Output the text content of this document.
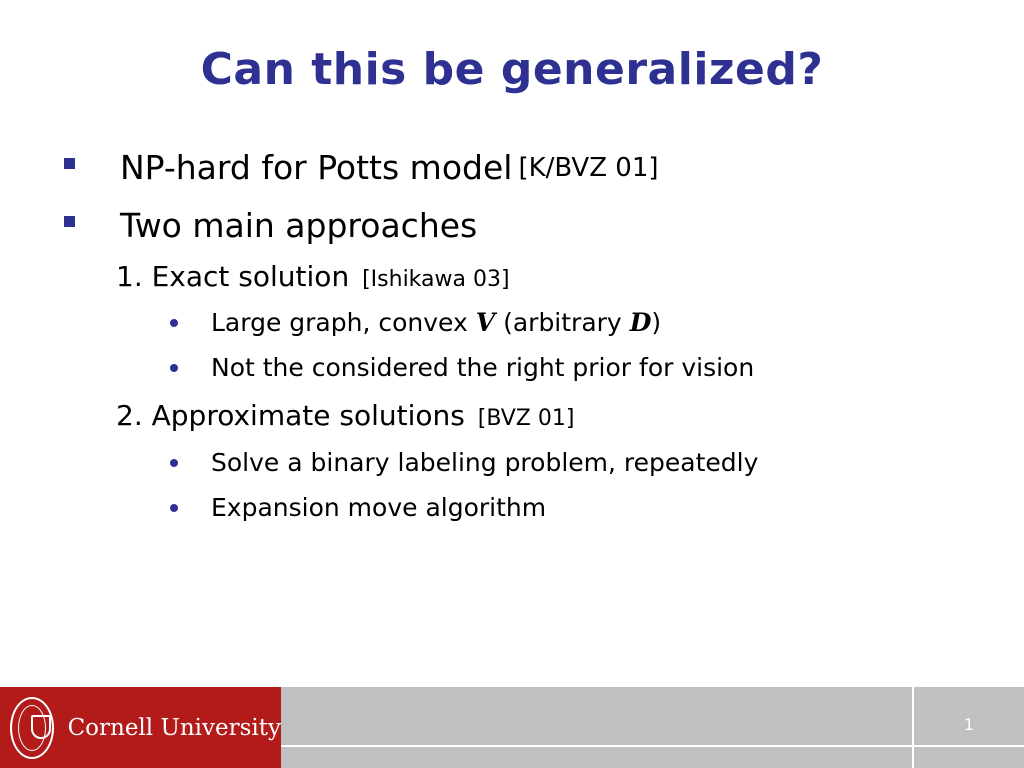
Can this be generalized?
NP-hard for Potts model [K/BVZ 01]
Two main approaches
1. Exact solution [Ishikawa 03]
Large graph, convex V (arbitrary D)
Not the considered the right prior for vision
2. Approximate solutions [BVZ 01]
Solve a binary labeling problem, repeatedly
Expansion move algorithm
Cornell University	1
